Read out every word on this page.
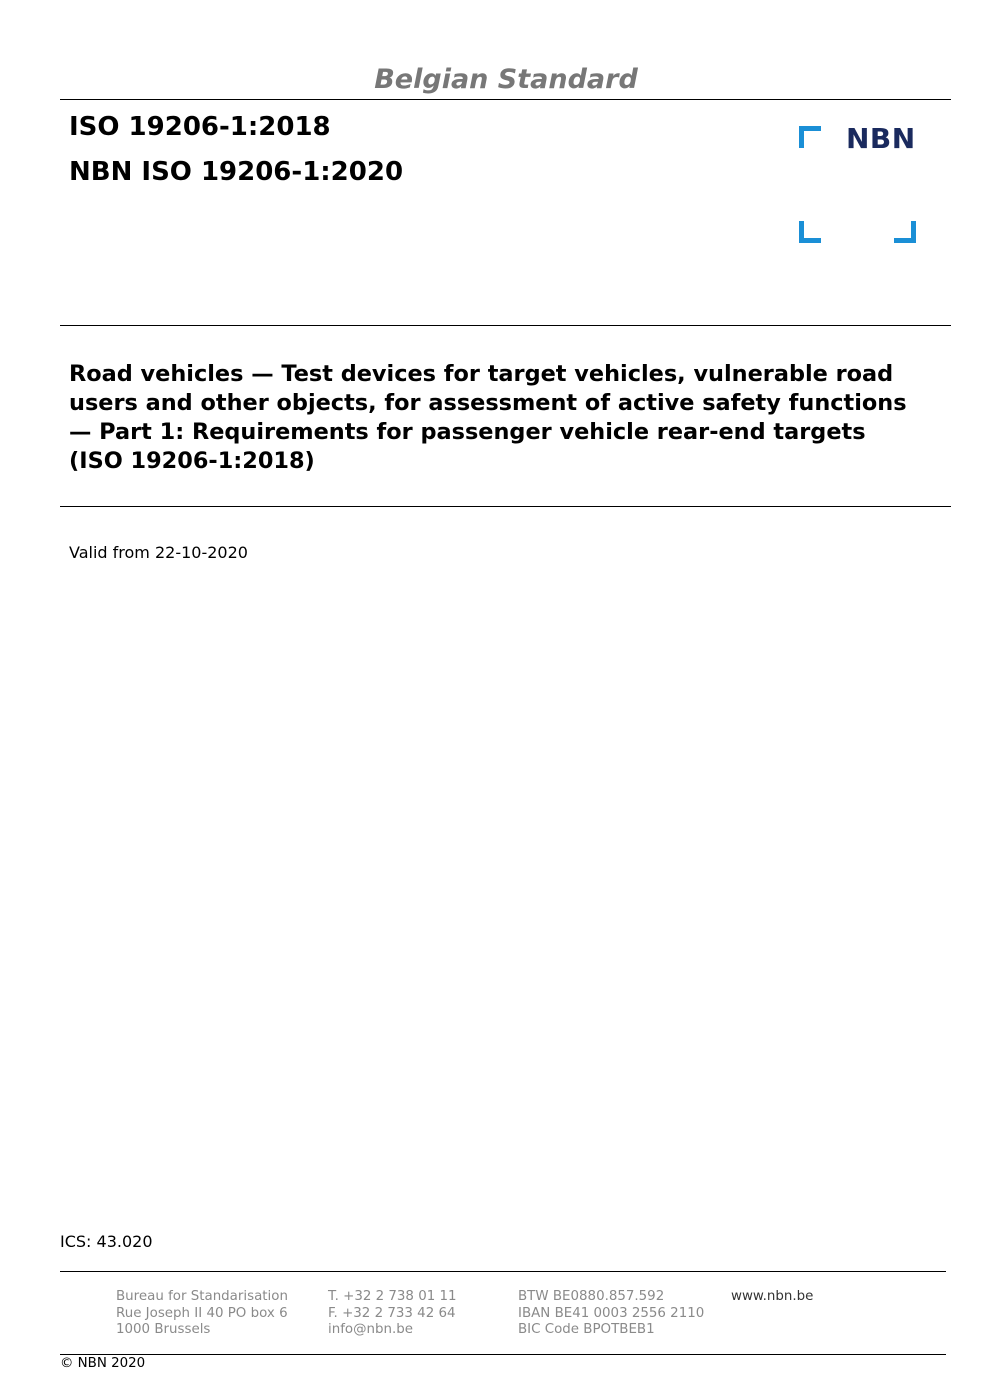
Belgian Standard
ISO 19206-1:2018
NBN ISO 19206-1:2020
NBN
Road vehicles — Test devices for target vehicles, vulnerable road
users and other objects, for assessment of active safety functions
— Part 1: Requirements for passenger vehicle rear-end targets
(ISO 19206-1:2018)
Valid from 22-10-2020
ICS: 43.020
Bureau for Standarisation
Rue Joseph II 40 PO box 6
1000 Brussels
T. +32 2 738 01 11
F. +32 2 733 42 64
info@nbn.be
BTW BE0880.857.592
IBAN BE41 0003 2556 2110
BIC Code BPOTBEB1
www.nbn.be
© NBN 2020
